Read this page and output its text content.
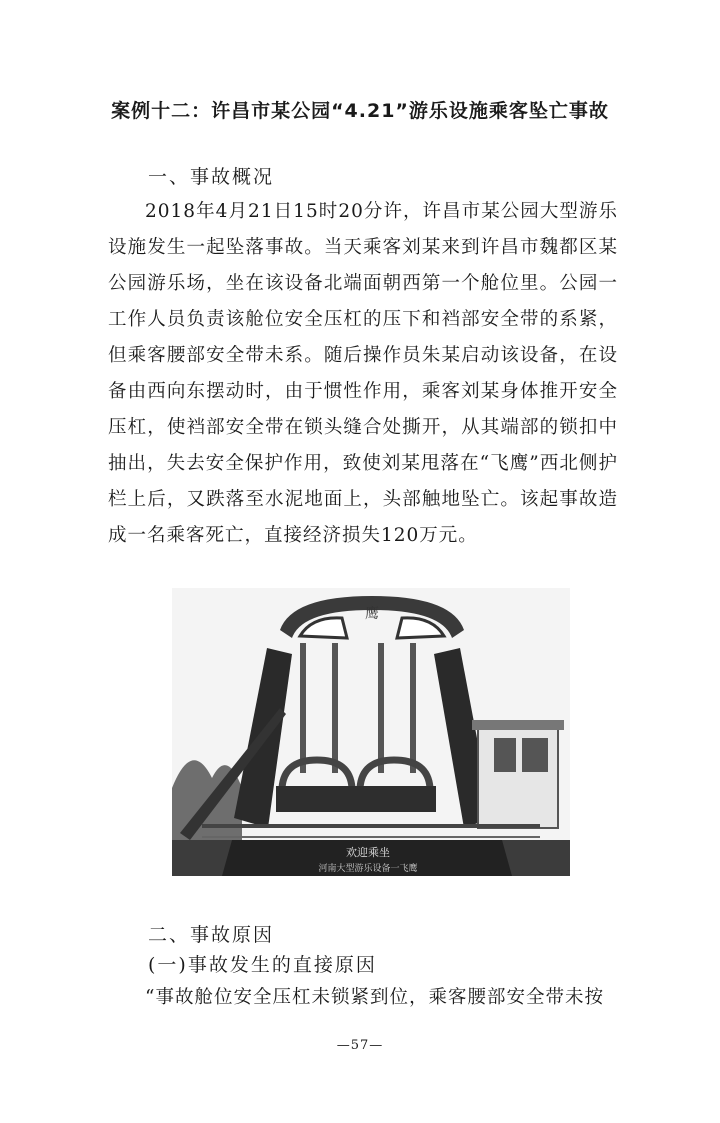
案例十二：许昌市某公园“4.21”游乐设施乘客坠亡事故
一、事故概况

2018年4月21日15时20分许，许昌市某公园大型游乐设施发生一起坠落事故。当天乘客刘某来到许昌市魏都区某公园游乐场，坐在该设备北端面朝西第一个舱位里。公园一工作人员负责该舱位安全压杠的压下和裆部安全带的系紧，但乘客腰部安全带未系。随后操作员朱某启动该设备，在设备由西向东摆动时，由于惯性作用，乘客刘某身体推开安全压杠，使裆部安全带在锁头缝合处撕开，从其端部的锁扣中抽出，失去安全保护作用，致使刘某甩落在“飞鹰”西北侧护栏上后，又跌落至水泥地面上，头部触地坠亡。该起事故造成一名乘客死亡，直接经济损失120万元。

鹰
欢迎乘坐
河南大型游乐设备一飞鹰
二、事故原因
(一)事故发生的直接原因

“事故舱位安全压杠未锁紧到位，乘客腰部安全带未按

—57—
